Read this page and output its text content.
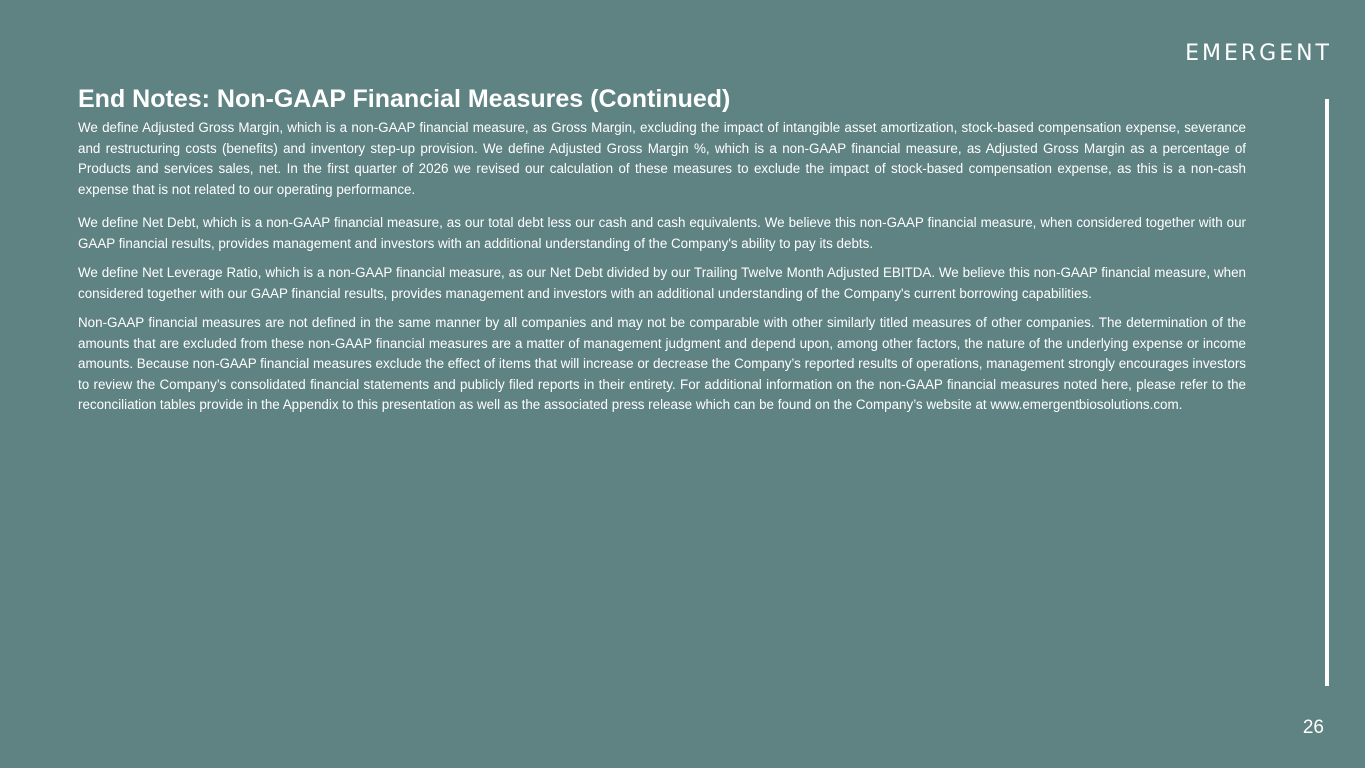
EMERGENT
End Notes: Non-GAAP Financial Measures (Continued)

We define Adjusted Gross Margin, which is a non-GAAP financial measure, as Gross Margin, excluding the impact of intangible asset amortization, stock-based compensation expense, severance and restructuring costs (benefits) and inventory step-up provision. We define Adjusted Gross Margin %, which is a non-GAAP financial measure, as Adjusted Gross Margin as a percentage of Products and services sales, net. In the first quarter of 2026 we revised our calculation of these measures to exclude the impact of stock-based compensation expense, as this is a non-cash expense that is not related to our operating performance.

We define Net Debt, which is a non-GAAP financial measure, as our total debt less our cash and cash equivalents. We believe this non-GAAP financial measure, when considered together with our GAAP financial results, provides management and investors with an additional understanding of the Company's ability to pay its debts.

We define Net Leverage Ratio, which is a non-GAAP financial measure, as our Net Debt divided by our Trailing Twelve Month Adjusted EBITDA. We believe this non-GAAP financial measure, when considered together with our GAAP financial results, provides management and investors with an additional understanding of the Company's current borrowing capabilities.

Non-GAAP financial measures are not defined in the same manner by all companies and may not be comparable with other similarly titled measures of other companies. The determination of the amounts that are excluded from these non-GAAP financial measures are a matter of management judgment and depend upon, among other factors, the nature of the underlying expense or income amounts. Because non-GAAP financial measures exclude the effect of items that will increase or decrease the Company’s reported results of operations, management strongly encourages investors to review the Company’s consolidated financial statements and publicly filed reports in their entirety. For additional information on the non-GAAP financial measures noted here, please refer to the reconciliation tables provide in the Appendix to this presentation as well as the associated press release which can be found on the Company’s website at www.emergentbiosolutions.com.

26
